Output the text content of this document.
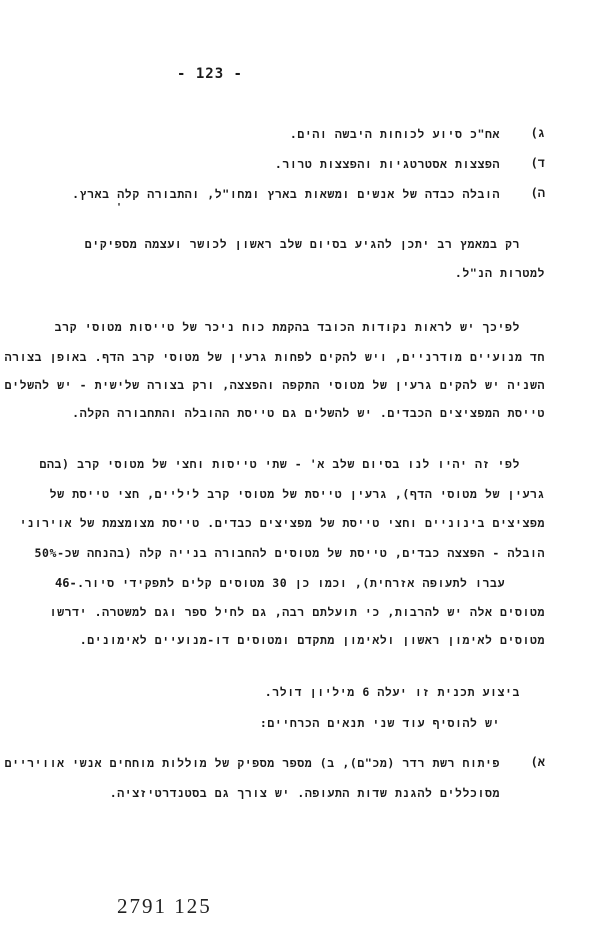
- 123 -
ג)
אח"כ סיוע לכוחות היבשה והים.
ד)
הפצצות אסטרטגיות והפצצות טרור.
ה)
הובלה כבדה של אנשים ומשאות בארץ ומחו"ל, והתבורה קלה בארץ.
'
רק במאמץ רב יתכן להגיע בסיום שלב ראשון לכושר ועצמה מספיקים
למטרות הנ"ל.
לפיכך יש לראות נקודות הכובד בהקמת כוח ניכר של טייסות מטוסי קרב
חד מנועיים מודרניים, ויש להקים לפחות גרעין של מטוסי קרב הדף. באופן בצורה
השניה יש להקים גרעין של מטוסי התקפה והפצצה, ורק בצורה שלישית - יש להשלים
טייסת המפציצים הכבדים. יש להשלים גם טייסת ההובלה והתחבורה הקלה.
לפי זה יהיו לנו בסיום שלב א' - שתי טייסות וחצי של מטוסי קרב (בהם
גרעין של מטוסי הדף), גרעין טייסת של מטוסי קרב ליליים, חצי טייסת של
מפציצים בינוניים וחצי טייסת של מפציצים כבדים. טייסת מצומצמת של אוירוני
הובלה - הפצצה כבדים, טייסת של מטוסים להחבורה בנייה קלה (בהנחה שכ-50%
עברו לתעופה אזרחית), וכמו כן 30 מטוסים קלים לתפקידי סיור.
46-
מטוסים אלה יש להרבות, כי תועלתם רבה, גם לחיל ספר וגם למשטרה. ידרשו
מטוסים לאימון ראשון ולאימון מתקדם ומטוסים דו-מנועיים לאימונים.
ביצוע תכנית זו יעלה 6 מיליון דולר.
יש להוסיף עוד שני תנאים הכרחיים:
א)
פיתוח רשת רדר (מכ"ם), ב) מספר מספיק של מוללות מוחחים אנשי אוויריים
מסוכללים להגנת שדות התעופה. יש צורך גם בסטנדרטיזציה.
2791 125
